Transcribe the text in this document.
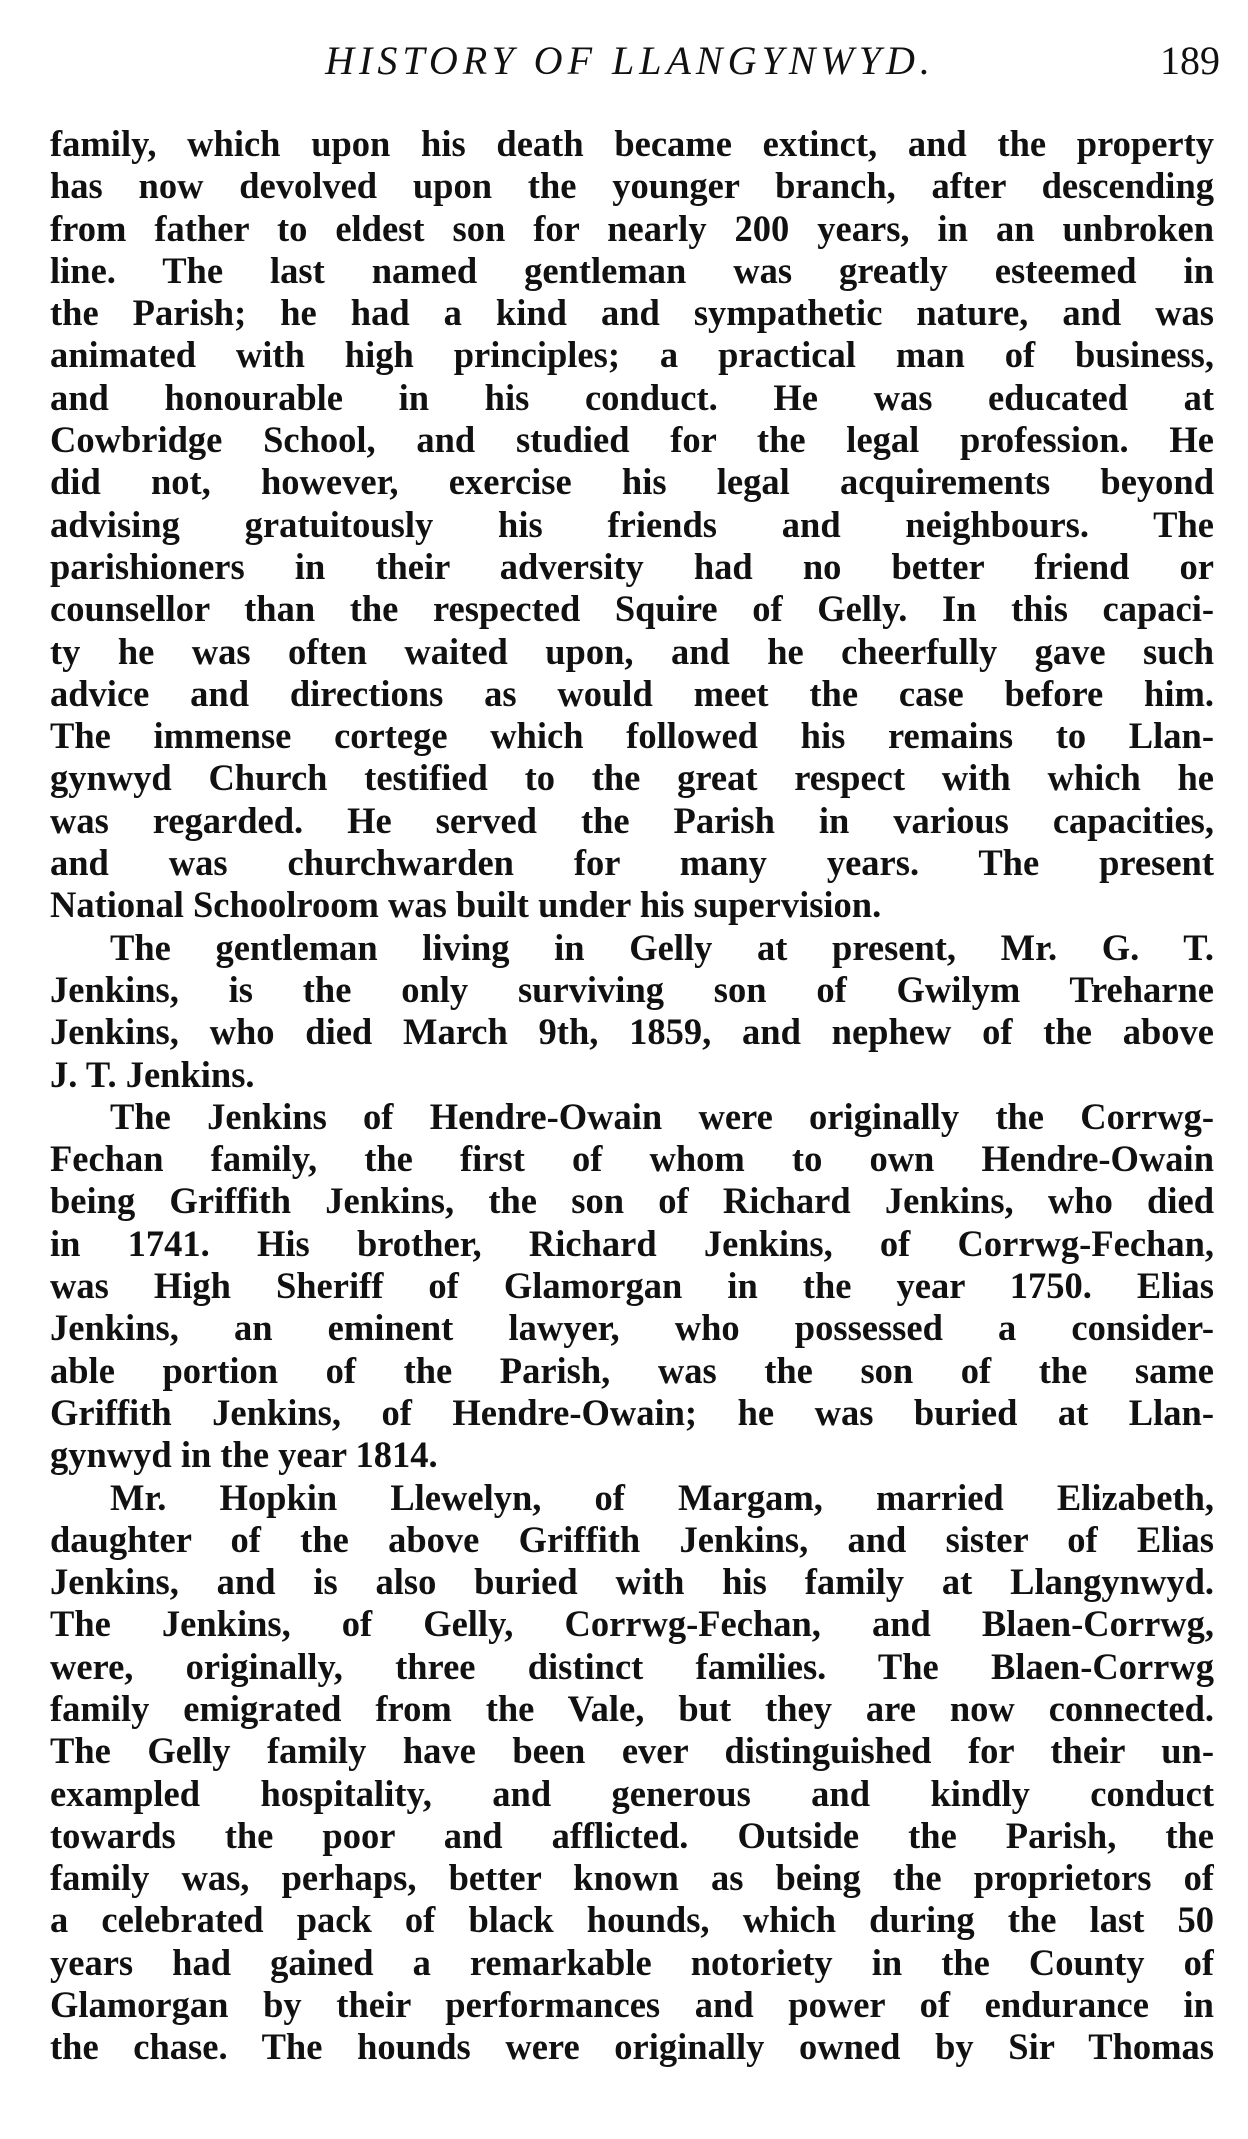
HISTORY OF LLANGYNWYD.	189
family, which upon his death became extinct, and the property
has now devolved upon the younger branch, after descending
from father to eldest son for nearly 200 years, in an unbroken
line. The last named gentleman was greatly esteemed in
the Parish; he had a kind and sympathetic nature, and was
animated with high principles; a practical man of business,
and honourable in his conduct. He was educated at
Cowbridge School, and studied for the legal profession. He
did not, however, exercise his legal acquirements beyond
advising gratuitously his friends and neighbours. The
parishioners in their adversity had no better friend or
counsellor than the respected Squire of Gelly. In this capaci-
ty he was often waited upon, and he cheerfully gave such
advice and directions as would meet the case before him.
The immense cortege which followed his remains to Llan-
gynwyd Church testified to the great respect with which he
was regarded. He served the Parish in various capacities,
and was churchwarden for many years. The present
National Schoolroom was built under his supervision.
The gentleman living in Gelly at present, Mr. G. T.
Jenkins, is the only surviving son of Gwilym Treharne
Jenkins, who died March 9th, 1859, and nephew of the above
J. T. Jenkins.
The Jenkins of Hendre-Owain were originally the Corrwg-
Fechan family, the first of whom to own Hendre-Owain
being Griffith Jenkins, the son of Richard Jenkins, who died
in 1741. His brother, Richard Jenkins, of Corrwg-Fechan,
was High Sheriff of Glamorgan in the year 1750. Elias
Jenkins, an eminent lawyer, who possessed a consider-
able portion of the Parish, was the son of the same
Griffith Jenkins, of Hendre-Owain; he was buried at Llan-
gynwyd in the year 1814.
Mr. Hopkin Llewelyn, of Margam, married Elizabeth,
daughter of the above Griffith Jenkins, and sister of Elias
Jenkins, and is also buried with his family at Llangynwyd.
The Jenkins, of Gelly, Corrwg-Fechan, and Blaen-Corrwg,
were, originally, three distinct families. The Blaen-Corrwg
family emigrated from the Vale, but they are now connected.
The Gelly family have been ever distinguished for their un-
exampled hospitality, and generous and kindly conduct
towards the poor and afflicted. Outside the Parish, the
family was, perhaps, better known as being the proprietors of
a celebrated pack of black hounds, which during the last 50
years had gained a remarkable notoriety in the County of
Glamorgan by their performances and power of endurance in
the chase. The hounds were originally owned by Sir Thomas
